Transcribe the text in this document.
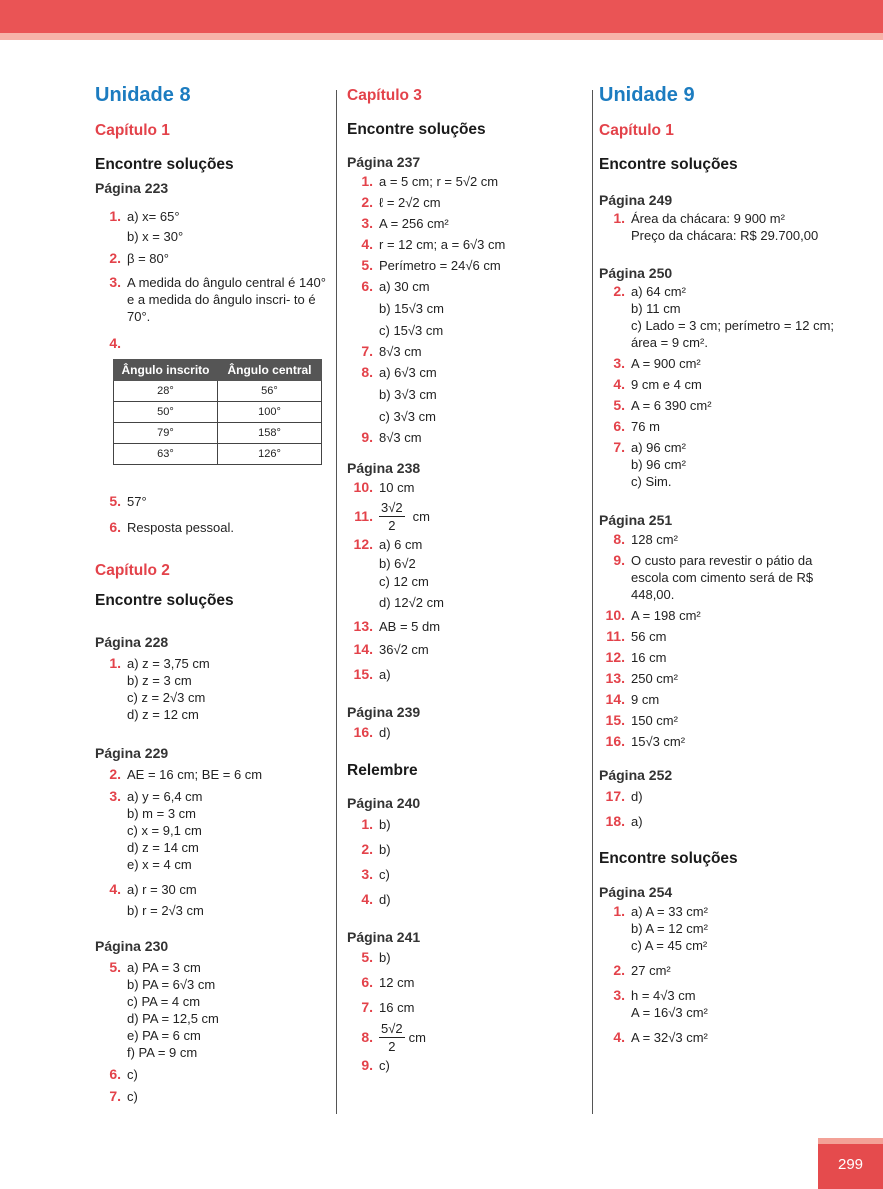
Unidade 8
Capítulo 1
Encontre soluções
Página 223
1. a) x= 65°
b) x = 30°
2. β = 80°
3. A medida do ângulo central é 140° e a medida do ângulo inscri- to é 70°.
4.
Ângulo inscrito	Ângulo central
28°	56°
50°	100°
79°	158°
63°	126°
5. 57°
6. Resposta pessoal.
Capítulo 2
Encontre soluções
Página 228
1. a) z = 3,75 cm
b) z = 3 cm
c) z = 2√3 cm
d) z = 12 cm
Página 229
2. AE = 16 cm; BE = 6 cm
3. a) y = 6,4 cm
b) m = 3 cm
c) x = 9,1 cm
d) z = 14 cm
e) x = 4 cm
4. a) r = 30 cm
b) r = 2√3 cm
Página 230
5. a) PA = 3 cm
b) PA = 6√3 cm
c) PA = 4 cm
d) PA = 12,5 cm
e) PA = 6 cm
f) PA = 9 cm
6. c)
7. c)
Capítulo 3
Encontre soluções
Página 237
1. a = 5 cm; r = 5√2 cm
2. ℓ = 2√2 cm
3. A = 256 cm²
4. r = 12 cm; a = 6√3 cm
5. Perímetro = 24√6 cm
6. a) 30 cm
b) 15√3 cm
c) 15√3 cm
7. 8√3 cm
8. a) 6√3 cm
b) 3√3 cm
c) 3√3 cm
9. 8√3 cm
Página 238
10. 10 cm
11.
3√2
2
cm
12. a) 6 cm
b) 6√2
c) 12 cm
d) 12√2 cm
13. AB = 5 dm
14. 36√2 cm
15. a)
Página 239
16. d)
Relembre
Página 240
1. b)
2. b)
3. c)
4. d)
Página 241
5. b)
6. 12 cm
7. 16 cm
8.
5√2
2
cm
9. c)
Unidade 9
Capítulo 1
Encontre soluções
Página 249
1. Área da chácara: 9 900 m²
Preço da chácara: R$ 29.700,00
Página 250
2. a) 64 cm²
b) 11 cm
c) Lado = 3 cm; perímetro = 12 cm; área = 9 cm².
3. A = 900 cm²
4. 9 cm e 4 cm
5. A = 6 390 cm²
6. 76 m
7. a) 96 cm²
b) 96 cm²
c) Sim.
Página 251
8. 128 cm²
9. O custo para revestir o pátio da escola com cimento será de R$ 448,00.
10. A = 198 cm²
11. 56 cm
12. 16 cm
13. 250 cm²
14. 9 cm
15. 150 cm²
16. 15√3 cm²
Página 252
17. d)
18. a)
Encontre soluções
Página 254
1. a) A = 33 cm²
b) A = 12 cm²
c) A = 45 cm²
2. 27 cm²
3. h = 4√3 cm
A = 16√3 cm²
4. A = 32√3 cm²
299
